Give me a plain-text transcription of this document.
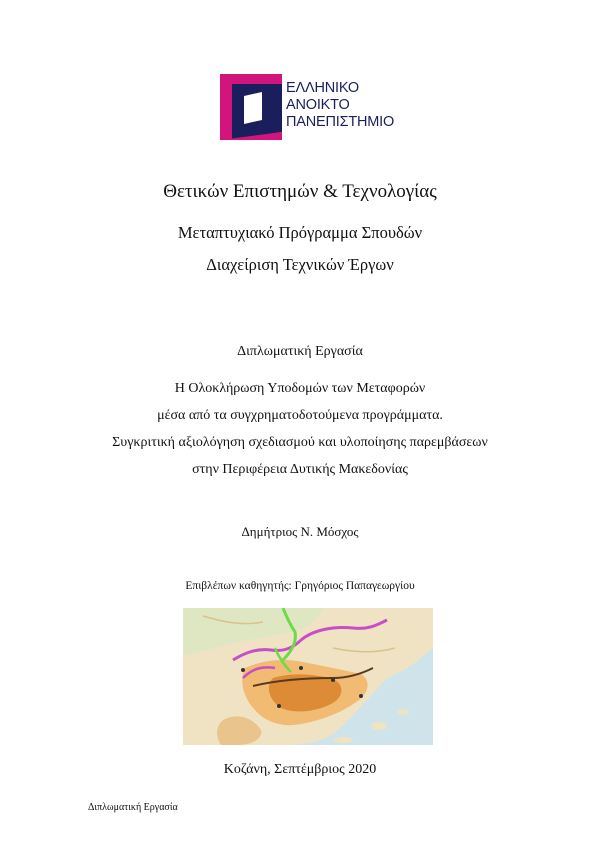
ΕΛΛΗΝΙΚΟ
ΑΝΟΙΚΤΟ
ΠΑΝΕΠΙΣΤΗΜΙΟ
Θετικών Επιστημών & Τεχνολογίας
Μεταπτυχιακό Πρόγραμμα Σπουδών
Διαχείριση Τεχνικών Έργων
Διπλωματική Εργασία
Η Ολοκλήρωση Υποδομών των Μεταφορών
μέσα από τα συγχρηματοδοτούμενα προγράμματα.
Συγκριτική αξιολόγηση σχεδιασμού και υλοποίησης παρεμβάσεων
στην Περιφέρεια Δυτικής Μακεδονίας
Δημήτριος Ν. Μόσχος
Επιβλέπων καθηγητής: Γρηγόριος Παπαγεωργίου
Κοζάνη, Σεπτέμβριος 2020
Διπλωματική Εργασία
